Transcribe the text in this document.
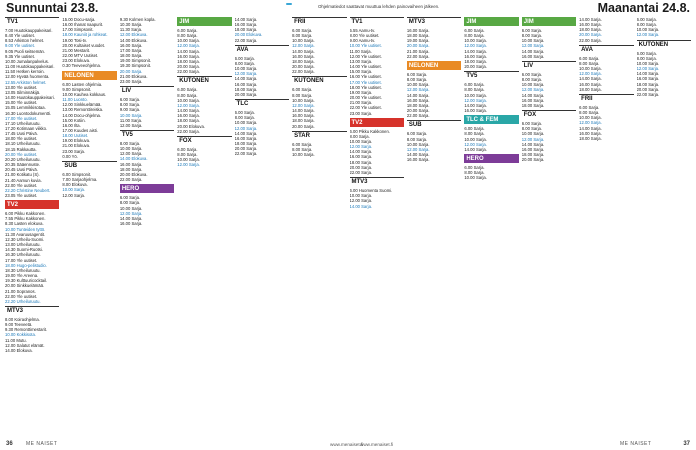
Sunnuntai 23.8.	Ohjelmatiedot saattavat muuttua lehden painovaiheen jälkeen.	Maanantai 24.8.
TV1
7.00 Huutokauppakeisari.
8.40 Yle uutiset.
8.53 Arkiston helmet.
9.00 Yle uutiset.
9.05 Puoli seitsemän.
9.35 Yle uutiset.
10.00 Jumalanpalvelus.
11.00 Huutokauppakeisari.
11.50 Hetken kerroin.
12.00 Hyvää huomenta.
12.55 Arkiston helmet.
13.00 Yle uutiset.
13.05 Silminnäkijä.
14.00 Huutokauppakeisari.
15.00 Yle uutiset.
15.05 Lemmikkisotaa.
16.30 Luontodokumentti.
17.00 Yle uutiset.
17.10 Urheiluruutu.
17.20 Kotimaan viikko.
17.45 Uusi Päivä.
18.00 Yle uutiset.
18.10 Urheiluruutu.
18.15 Rakkautta.
20.00 Yle uutiset.
20.20 Urheiluruutu.
20.35 Sääennuste.
20.45 Uusi Päivä.
21.00 Kotikatu (S).
21.40 Aamun kuvia.
22.00 Yle uutiset.
22.20 Christine Neubert.
23.05 Yle uutiset.
TV2
6.00 Pikku Kakkonen.
7.55 Pikku Kakkonen.
8.30 Lasten elokuva.
10.00 Tunteiden tyttö.
11.30 Avaruusagentit.
12.30 Urheilu-Suomi.
13.00 Urheiluruutu.
14.30 Suomi-Ruotsi.
16.30 Urheiluruutu.
17.00 Yle uutiset.
18.00 Hugo-pelistudio.
18.30 Urheiluruutu.
19.00 Yle Areena.
19.30 Kulttuuricocktail.
20.00 Sinkkuelämää.
21.00 Sopranos.
22.00 Yle uutiset.
22.20 Urheiluruutu.
MTV3
8.00 Koiraohjelma.
9.00 Teeveetä.
9.30 Remonttimestarit.
10.00 Kokkisota.
11.00 Mutu.
12.00 Salatut elämät.
14.00 Elokuva.
15.00 Docu-sarja.
16.00 Ihanat naapurit.
17.00 Simpsonit.
18.00 Kauniit ja rohkeat.
19.00 Tosi-tv.
20.00 Kultaiset vuodet.
21.00 Mestarit.
22.00 MTV Uutiset.
23.00 Elokuva.
0.30 Teeveeohjelma.
NELONEN
6.00 Lasten ohjelmia.
9.00 Simpsonit.
10.00 Kauhea kokkaus.
11.00 Luonto.
12.00 Sinkkuelämää.
13.00 Remonttireiska.
14.00 Docu-ohjelma.
15.00 Kotiin.
16.00 Ilta.
17.00 Kuudes aisti.
18.00 Uutiset.
19.00 Elokuva.
21.00 Elokuva.
23.00 Sarja.
0.00 Yö.
SUB
6.00 Simpsonit.
7.00 Sarjaohjelma.
8.00 Elokuva.
10.00 Sarja.
12.00 Sarja.
9.30 Kolmen kopla.
10.30 Sarja.
11.30 Sarja.
12.00 Elokuva.
14.00 Elokuva.
16.00 Sarja.
17.00 Sarja.
18.00 Sarja.
19.00 Simpsonit.
19.30 Simpsonit.
20.00 Sarja.
21.00 Elokuva.
23.00 Sarja.
LIV
6.00 Sarja.
8.00 Sarja.
9.00 Sarja.
10.00 Sarja.
11.00 Sarja.
12.00 Sarja.
TV5
8.00 Sarja.
10.00 Sarja.
12.00 Sarja.
14.00 Elokuva.
16.00 Sarja.
18.00 Sarja.
20.00 Elokuva.
22.00 Sarja.
HERO
6.00 Sarja.
8.00 Sarja.
10.00 Sarja.
12.00 Sarja.
14.00 Sarja.
16.00 Sarja.
JIM
6.00 Sarja.
8.00 Sarja.
10.00 Sarja.
12.00 Sarja.
14.00 Sarja.
16.00 Sarja.
18.00 Sarja.
20.00 Sarja.
22.00 Sarja.
KUTONEN
6.00 Sarja.
8.00 Sarja.
10.00 Sarja.
12.00 Sarja.
14.00 Sarja.
16.00 Sarja.
18.00 Sarja.
20.00 Elokuva.
22.00 Sarja.
FOX
6.00 Sarja.
8.00 Sarja.
10.00 Sarja.
12.00 Sarja.
14.00 Sarja.
16.00 Sarja.
18.00 Sarja.
20.00 Elokuva.
22.00 Sarja.
AVA
6.00 Sarja.
8.00 Sarja.
10.00 Sarja.
12.00 Sarja.
14.00 Sarja.
16.00 Sarja.
18.00 Sarja.
20.00 Sarja.
TLC
6.00 Sarja.
8.00 Sarja.
10.00 Sarja.
12.00 Sarja.
14.00 Sarja.
16.00 Sarja.
18.00 Sarja.
20.00 Sarja.
22.00 Sarja.
FRII
6.00 Sarja.
8.00 Sarja.
10.00 Sarja.
12.00 Sarja.
14.00 Sarja.
16.00 Sarja.
18.00 Sarja.
20.00 Sarja.
22.00 Sarja.
KUTONEN
6.00 Sarja.
8.00 Sarja.
10.00 Sarja.
12.00 Sarja.
14.00 Sarja.
16.00 Sarja.
18.00 Sarja.
20.00 Sarja.
STAR
6.00 Sarja.
8.00 Sarja.
10.00 Sarja.
TV1
5.55 Aamu-tv.
8.00 Yle uutiset.
9.00 Aamu-tv.
10.00 Yle uutiset.
11.00 Sarja.
12.00 Yle uutiset.
13.00 Sarja.
14.00 Yle uutiset.
15.00 Sarja.
16.00 Yle uutiset.
17.00 Yle uutiset.
18.00 Yle uutiset.
19.00 Sarja.
20.00 Yle uutiset.
21.00 Sarja.
22.00 Yle uutiset.
23.00 Sarja.
TV2
6.00 Pikku Kakkonen.
8.00 Sarja.
10.00 Sarja.
12.00 Sarja.
14.00 Sarja.
16.00 Sarja.
18.00 Sarja.
20.00 Sarja.
22.00 Sarja.
MTV3
6.00 Huomenta Suomi.
10.00 Sarja.
12.00 Sarja.
14.00 Sarja.
MTV3
16.00 Sarja.
18.00 Sarja.
19.00 Sarja.
20.00 Sarja.
21.00 Sarja.
22.00 Sarja.
NELONEN
6.00 Sarja.
8.00 Sarja.
10.00 Sarja.
12.00 Sarja.
14.00 Sarja.
16.00 Sarja.
18.00 Sarja.
20.00 Sarja.
22.00 Sarja.
SUB
6.00 Sarja.
8.00 Sarja.
10.00 Sarja.
12.00 Sarja.
14.00 Sarja.
16.00 Sarja.
JIM
6.00 Sarja.
8.00 Sarja.
10.00 Sarja.
12.00 Sarja.
14.00 Sarja.
16.00 Sarja.
18.00 Sarja.
20.00 Sarja.
TV5
6.00 Sarja.
8.00 Sarja.
10.00 Sarja.
12.00 Sarja.
14.00 Sarja.
16.00 Sarja.
TLC & FEM
6.00 Sarja.
8.00 Sarja.
10.00 Sarja.
12.00 Sarja.
14.00 Sarja.
HERO
6.00 Sarja.
8.00 Sarja.
10.00 Sarja.
JIM
6.00 Sarja.
8.00 Sarja.
10.00 Sarja.
12.00 Sarja.
14.00 Sarja.
16.00 Sarja.
LIV
6.00 Sarja.
8.00 Sarja.
10.00 Sarja.
12.00 Sarja.
14.00 Sarja.
16.00 Sarja.
18.00 Sarja.
FOX
6.00 Sarja.
8.00 Sarja.
10.00 Sarja.
12.00 Sarja.
14.00 Sarja.
16.00 Sarja.
18.00 Sarja.
20.00 Sarja.
14.00 Sarja.
16.00 Sarja.
18.00 Sarja.
20.00 Sarja.
22.00 Sarja.
AVA
6.00 Sarja.
8.00 Sarja.
10.00 Sarja.
12.00 Sarja.
14.00 Sarja.
16.00 Sarja.
18.00 Sarja.
FRII
6.00 Sarja.
8.00 Sarja.
10.00 Sarja.
12.00 Sarja.
14.00 Sarja.
16.00 Sarja.
18.00 Sarja.
6.00 Sarja.
8.00 Sarja.
10.00 Sarja.
12.00 Sarja.
KUTONEN
6.00 Sarja.
8.00 Sarja.
10.00 Sarja.
12.00 Sarja.
14.00 Sarja.
16.00 Sarja.
18.00 Sarja.
20.00 Sarja.
22.00 Sarja.
36	ME NAISET	www.menaiset.fi
www.menaiset.fi	ME NAISET	37
